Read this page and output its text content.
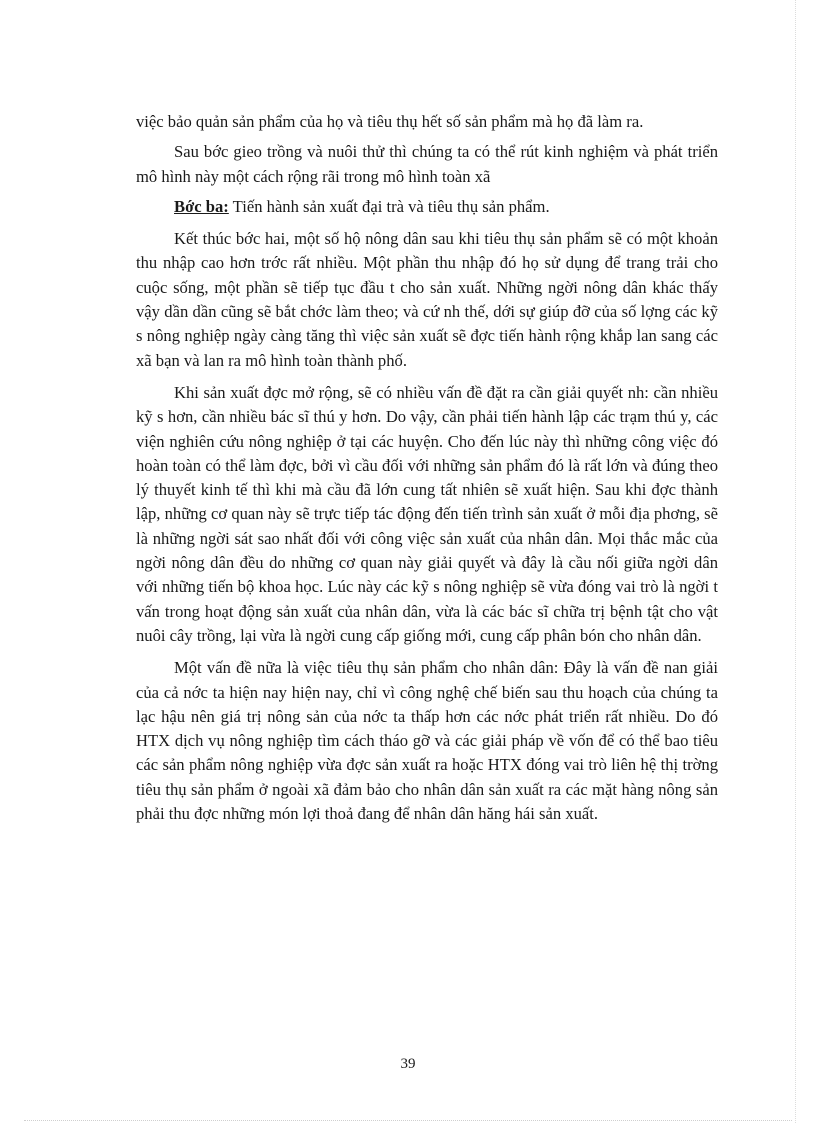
việc bảo quản sản phẩm của họ và tiêu thụ hết số sản phẩm mà họ đã làm ra.

Sau bớc gieo trồng và nuôi thử thì chúng ta có thể rút kinh nghiệm và phát triển mô hình này một cách rộng rãi trong mô hình toàn xã

Bớc ba: Tiến hành sản xuất đại trà và tiêu thụ sản phẩm.

Kết thúc bớc hai, một số hộ nông dân sau khi tiêu thụ sản phẩm sẽ có một khoản thu nhập cao hơn trớc rất nhiều. Một phần thu nhập đó họ sử dụng để trang trải cho cuộc sống, một phần sẽ tiếp tục đầu t cho sản xuất. Những ngời nông dân khác thấy vậy dần dần cũng sẽ bắt chớc làm theo; và cứ nh thế, dới sự giúp đỡ của số lợng các kỹ s nông nghiệp ngày càng tăng thì việc sản xuất sẽ đợc tiến hành rộng khắp lan sang các xã bạn và lan ra mô hình toàn thành phố.

Khi sản xuất đợc mở rộng, sẽ có nhiều vấn đề đặt ra cần giải quyết nh: cần nhiều kỹ s hơn, cần nhiều bác sĩ thú y hơn. Do vậy, cần phải tiến hành lập các trạm thú y, các viện nghiên cứu nông nghiệp ở tại các huyện. Cho đến lúc này thì những công việc đó hoàn toàn có thể làm đợc, bởi vì cầu đối với những sản phẩm đó là rất lớn và đúng theo lý thuyết kinh tế thì khi mà cầu đã lớn cung tất nhiên sẽ xuất hiện. Sau khi đợc thành lập, những cơ quan này sẽ trực tiếp tác động đến tiến trình sản xuất ở mỗi địa phơng, sẽ là những ngời sát sao nhất đối với công việc sản xuất của nhân dân. Mọi thắc mắc của ngời nông dân đều do những cơ quan này giải quyết và đây là cầu nối giữa ngời dân với những tiến bộ khoa học. Lúc này các kỹ s nông nghiệp sẽ vừa đóng vai trò là ngời t vấn trong hoạt động sản xuất của nhân dân, vừa là các bác sĩ chữa trị bệnh tật cho vật nuôi cây trồng, lại vừa là ngời cung cấp giống mới, cung cấp phân bón cho nhân dân.

Một vấn đề nữa là việc tiêu thụ sản phẩm cho nhân dân: Đây là vấn đề nan giải của cả nớc ta hiện nay hiện nay, chỉ vì công nghệ chế biến sau thu hoạch của chúng ta lạc hậu nên giá trị nông sản của nớc ta thấp hơn các nớc phát triển rất nhiều. Do đó HTX dịch vụ nông nghiệp tìm cách tháo gỡ và các giải pháp về vốn để có thể bao tiêu các sản phẩm nông nghiệp vừa đợc sản xuất ra hoặc HTX đóng vai trò liên hệ thị trờng tiêu thụ sản phẩm ở ngoài xã đảm bảo cho nhân dân sản xuất ra các mặt hàng nông sản phải thu đợc những món lợi thoả đang để nhân dân hăng hái sản xuất.

39
